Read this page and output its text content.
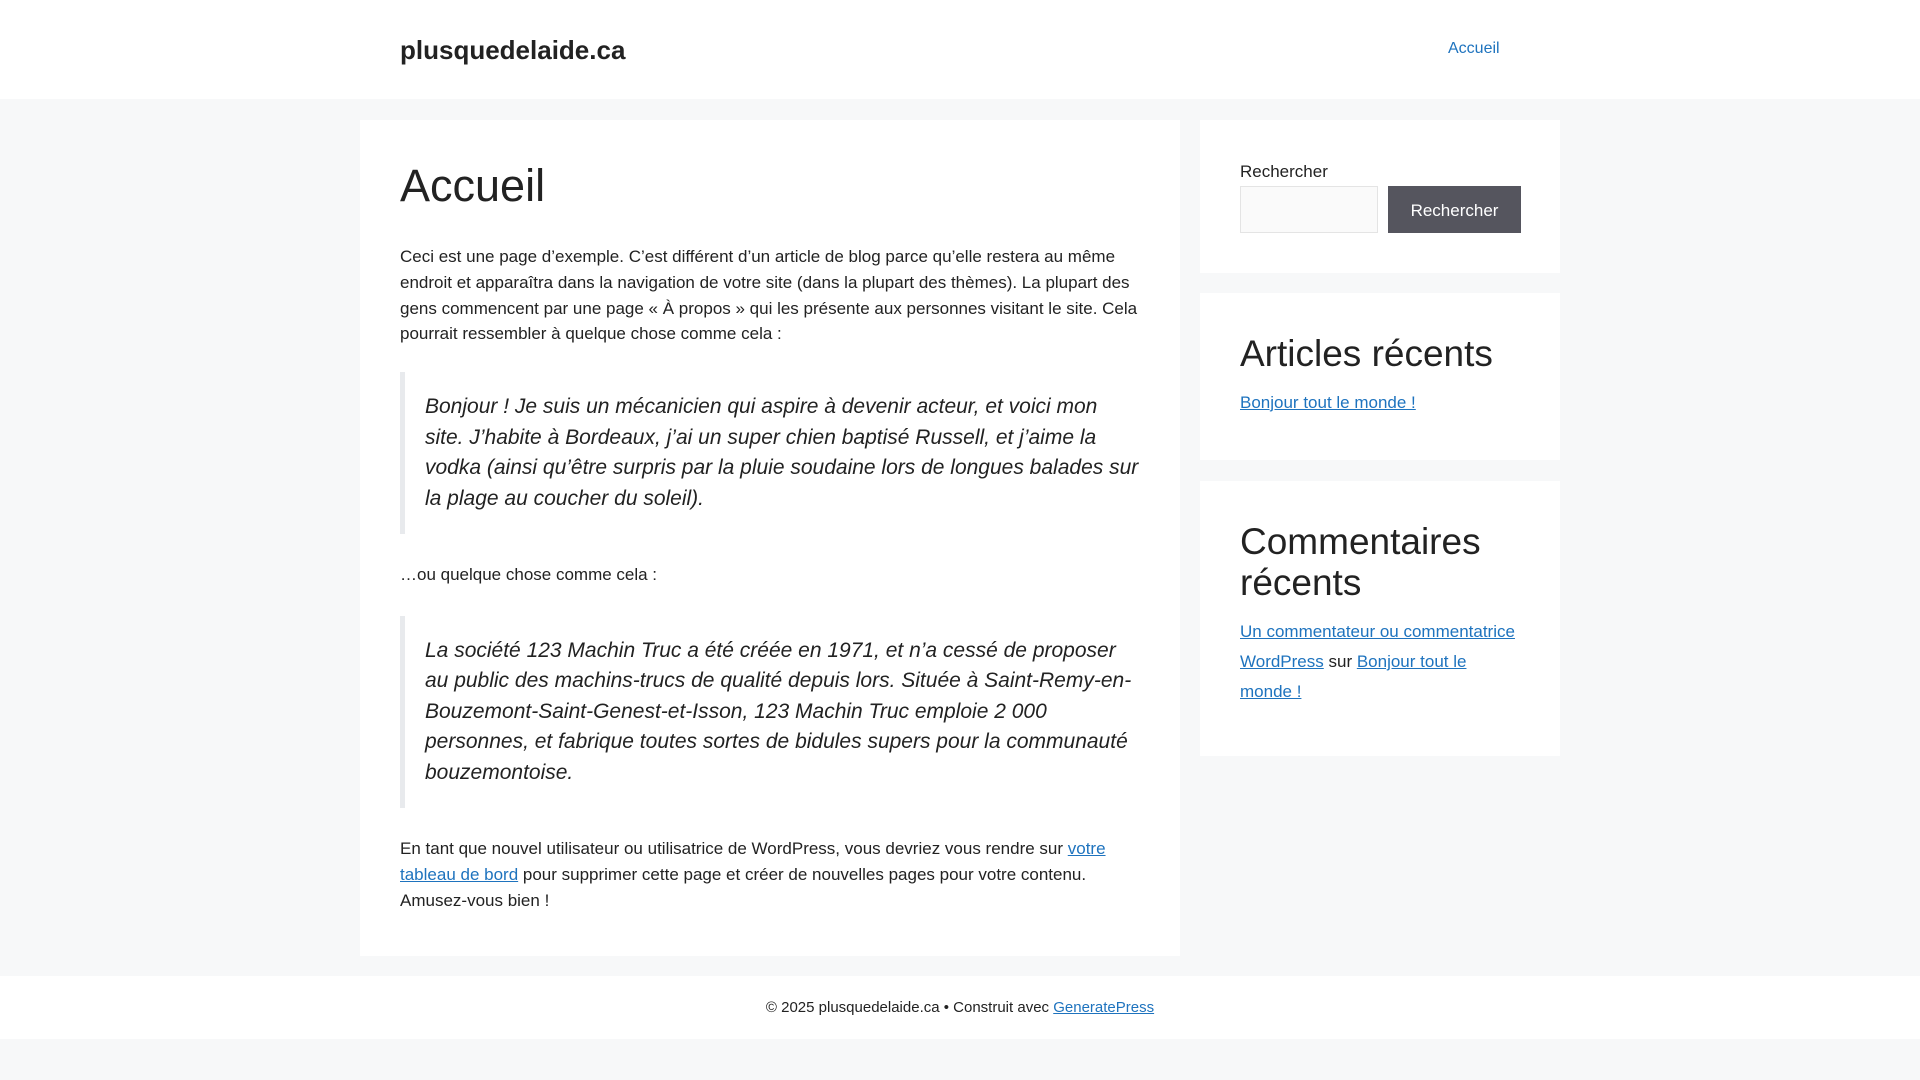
plusquedelaide.ca	Accueil
Accueil

Ceci est une page d’exemple. C’est différent d’un article de blog parce qu’elle restera au même endroit et apparaîtra dans la navigation de votre site (dans la plupart des thèmes). La plupart des gens commencent par une page « À propos » qui les présente aux personnes visitant le site. Cela pourrait ressembler à quelque chose comme cela :

Bonjour ! Je suis un mécanicien qui aspire à devenir acteur, et voici mon site. J’habite à Bordeaux, j’ai un super chien baptisé Russell, et j’aime la vodka (ainsi qu’être surpris par la pluie soudaine lors de longues balades sur la plage au coucher du soleil).

…ou quelque chose comme cela :

La société 123 Machin Truc a été créée en 1971, et n’a cessé de proposer au public des machins-trucs de qualité depuis lors. Située à Saint-Remy-en-Bouzemont-Saint-Genest-et-Isson, 123 Machin Truc emploie 2 000 personnes, et fabrique toutes sortes de bidules supers pour la communauté bouzemontoise.

En tant que nouvel utilisateur ou utilisatrice de WordPress, vous devriez vous rendre sur votre tableau de bord pour supprimer cette page et créer de nouvelles pages pour votre contenu. Amusez-vous bien !

Rechercher
Rechercher
Articles récents
Bonjour tout le monde !
Commentaires récents
Un commentateur ou commentatrice WordPress sur Bonjour tout le monde !
© 2025 plusquedelaide.ca • Construit avec GeneratePress
